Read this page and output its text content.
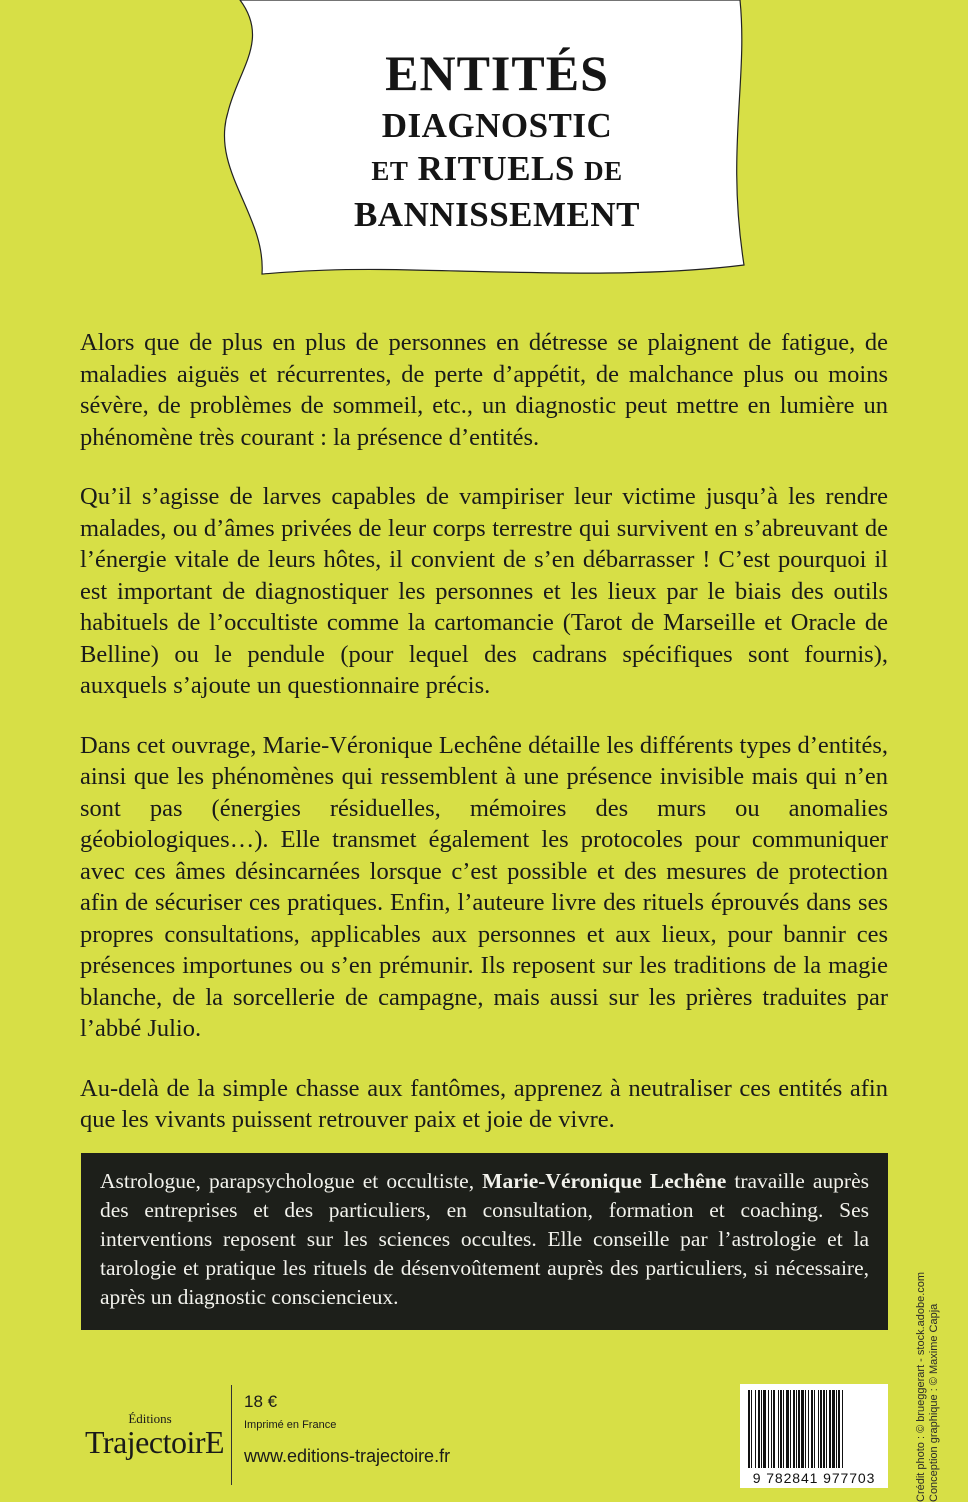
ENTITÉS
DIAGNOSTIC
ET RITUELS DE
BANNISSEMENT

Alors que de plus en plus de personnes en détresse se plaignent de fatigue, de maladies aiguës et récurrentes, de perte d’appétit, de malchance plus ou moins sévère, de problèmes de sommeil, etc., un diagnostic peut mettre en lumière un phénomène très courant : la présence d’entités.

Qu’il s’agisse de larves capables de vampiriser leur victime jusqu’à les rendre malades, ou d’âmes privées de leur corps terrestre qui survivent en s’abreuvant de l’énergie vitale de leurs hôtes, il convient de s’en débarrasser ! C’est pourquoi il est important de diagnostiquer les personnes et les lieux par le biais des outils habituels de l’occultiste comme la cartomancie (Tarot de Marseille et Oracle de Belline) ou le pendule (pour lequel des cadrans spécifiques sont fournis), auxquels s’ajoute un questionnaire précis.

Dans cet ouvrage, Marie-Véronique Lechêne détaille les différents types d’entités, ainsi que les phénomènes qui ressemblent à une présence invisible mais qui n’en sont pas (énergies résiduelles, mémoires des murs ou anomalies géobiologiques…). Elle transmet également les protocoles pour communiquer avec ces âmes désincarnées lorsque c’est possible et des mesures de protection afin de sécuriser ces pratiques. Enfin, l’auteure livre des rituels éprouvés dans ses propres consultations, applicables aux personnes et aux lieux, pour bannir ces présences importunes ou s’en prémunir. Ils reposent sur les traditions de la magie blanche, de la sorcellerie de campagne, mais aussi sur les prières traduites par l’abbé Julio.

Au-delà de la simple chasse aux fantômes, apprenez à neutraliser ces entités afin que les vivants puissent retrouver paix et joie de vivre.

Astrologue, parapsychologue et occultiste, Marie-Véronique Lechêne travaille auprès des entreprises et des particuliers, en consultation, formation et coaching. Ses interventions reposent sur les sciences occultes. Elle conseille par l’astrologie et la tarologie et pratique les rituels de désenvoûtement auprès des particuliers, si nécessaire, après un diagnostic consciencieux.	Crédit photo : © brueggerart - stock.adobe.com Conception graphique : © Maxime Capja
Éditions
TrajectoirE
18 €
Imprimé en France
www.editions-trajectoire.fr
9 782841 977703
